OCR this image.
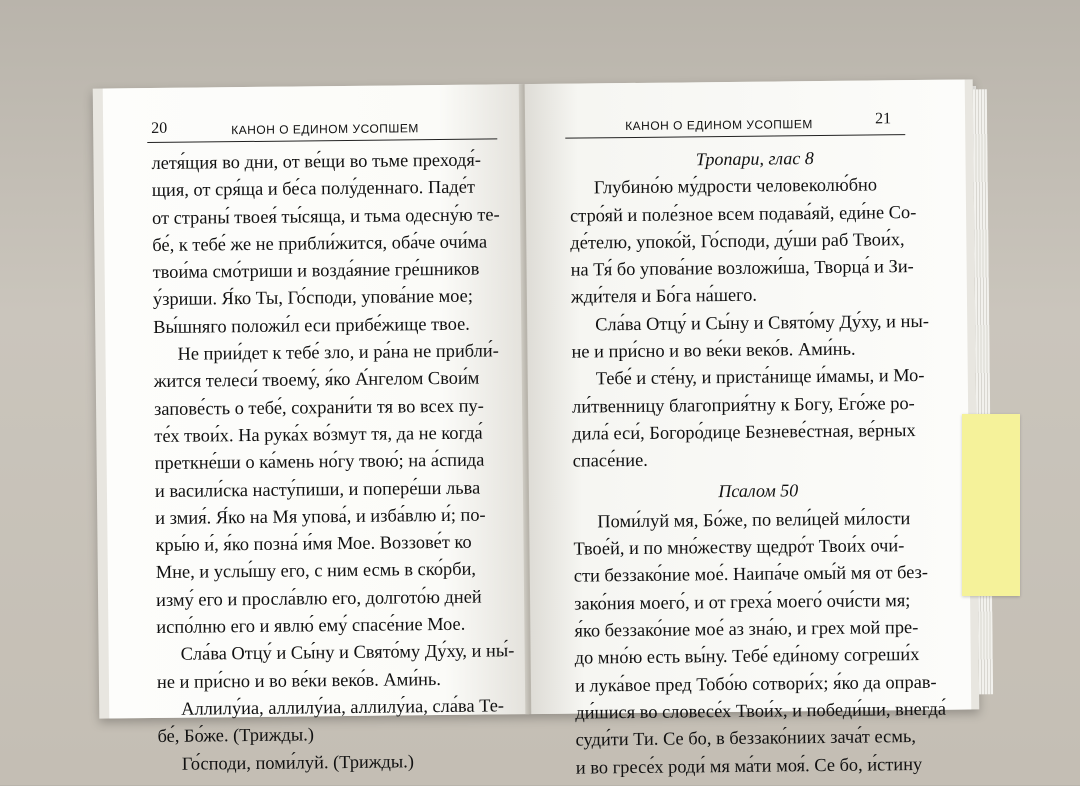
20	КАНОН О ЕДИНОМ УСОПШЕМ
летя́щия во дни, от ве́щи во тьме преходя́-
щия, от сря́ща и бе́са полу́деннаго. Паде́т
от страны́ твоея́ ты́сяща, и тьма одесну́ю те-
бе́, к тебе́ же не прибли́жится, оба́че очи́ма
твои́ма смо́триши и возда́яние гре́шников
у́зриши. Я́ко Ты, Го́споди, упова́ние мое;
Вы́шняго положи́л еси прибе́жище твое.
Не прии́дет к тебе́ зло, и ра́на не прибли́-
жится телеси́ твоему́, я́ко А́нгелом Свои́м
запове́сть о тебе́, сохрани́ти тя во всех пу-
те́х твои́х. На рука́х во́змут тя, да не когда́
преткне́ши о ка́мень но́гу твою́; на а́спида
и васили́ска насту́пиши, и попере́ши льва
и змия́. Я́ко на Мя упова́, и изба́влю и́; по-
кры́ю и́, я́ко позна́ и́мя Мое. Воззове́т ко
Мне, и услы́шу его, с ним есмь в ско́рби,
изму́ его и просла́влю его, долгото́ю дней
испо́лню его и явлю́ ему́ спасе́ние Мое.
Сла́ва Отцу́ и Сы́ну и Свято́му Ду́ху, и ны́-
не и при́сно и во ве́ки веко́в. Ами́нь.
Аллилу́иа, аллилу́иа, аллилу́иа, сла́ва Те-
бе́, Бо́же. (Трижды.)
Го́споди, поми́луй. (Трижды.)
КАНОН О ЕДИНОМ УСОПШЕМ	21
Тропари, глас 8
Глубино́ю му́дрости человеколю́бно
стро́яй и поле́зное всем подава́яй, еди́не Со-
де́телю, упоко́й, Го́споди, ду́ши раб Твои́х,
на Тя́ бо упова́ние возложи́ша, Творца́ и Зи-
жди́теля и Бо́га на́шего.
Сла́ва Отцу́ и Сы́ну и Свято́му Ду́ху, и ны-
не и при́сно и во ве́ки веко́в. Ами́нь.
Тебе́ и сте́ну, и приста́нище и́мамы, и Мо-
ли́твенницу благоприя́тну к Богу, Его́же ро-
дила́ еси́, Богоро́дице Безневе́стная, ве́рных
спасе́ние.
Псалом 50
Поми́луй мя, Бо́же, по вели́цей ми́лости
Твое́й, и по мно́жеству щедро́т Твои́х очи́-
сти беззако́ние мое́. Наипа́че омы́й мя от без-
зако́ния моего́, и от греха́ моего́ очи́сти мя;
я́ко беззако́ние мое́ аз зна́ю, и грех мой пре-
до мно́ю есть вы́ну. Тебе́ еди́ному согреши́х
и лука́вое пред Тобо́ю сотвори́х; я́ко да оправ-
ди́шися во словесе́х Твои́х, и победи́ши, внегда́
суди́ти Ти. Се бо, в беззако́ниих зача́т есмь,
и во гресе́х роди́ мя ма́ти моя́. Се бо, и́стину
